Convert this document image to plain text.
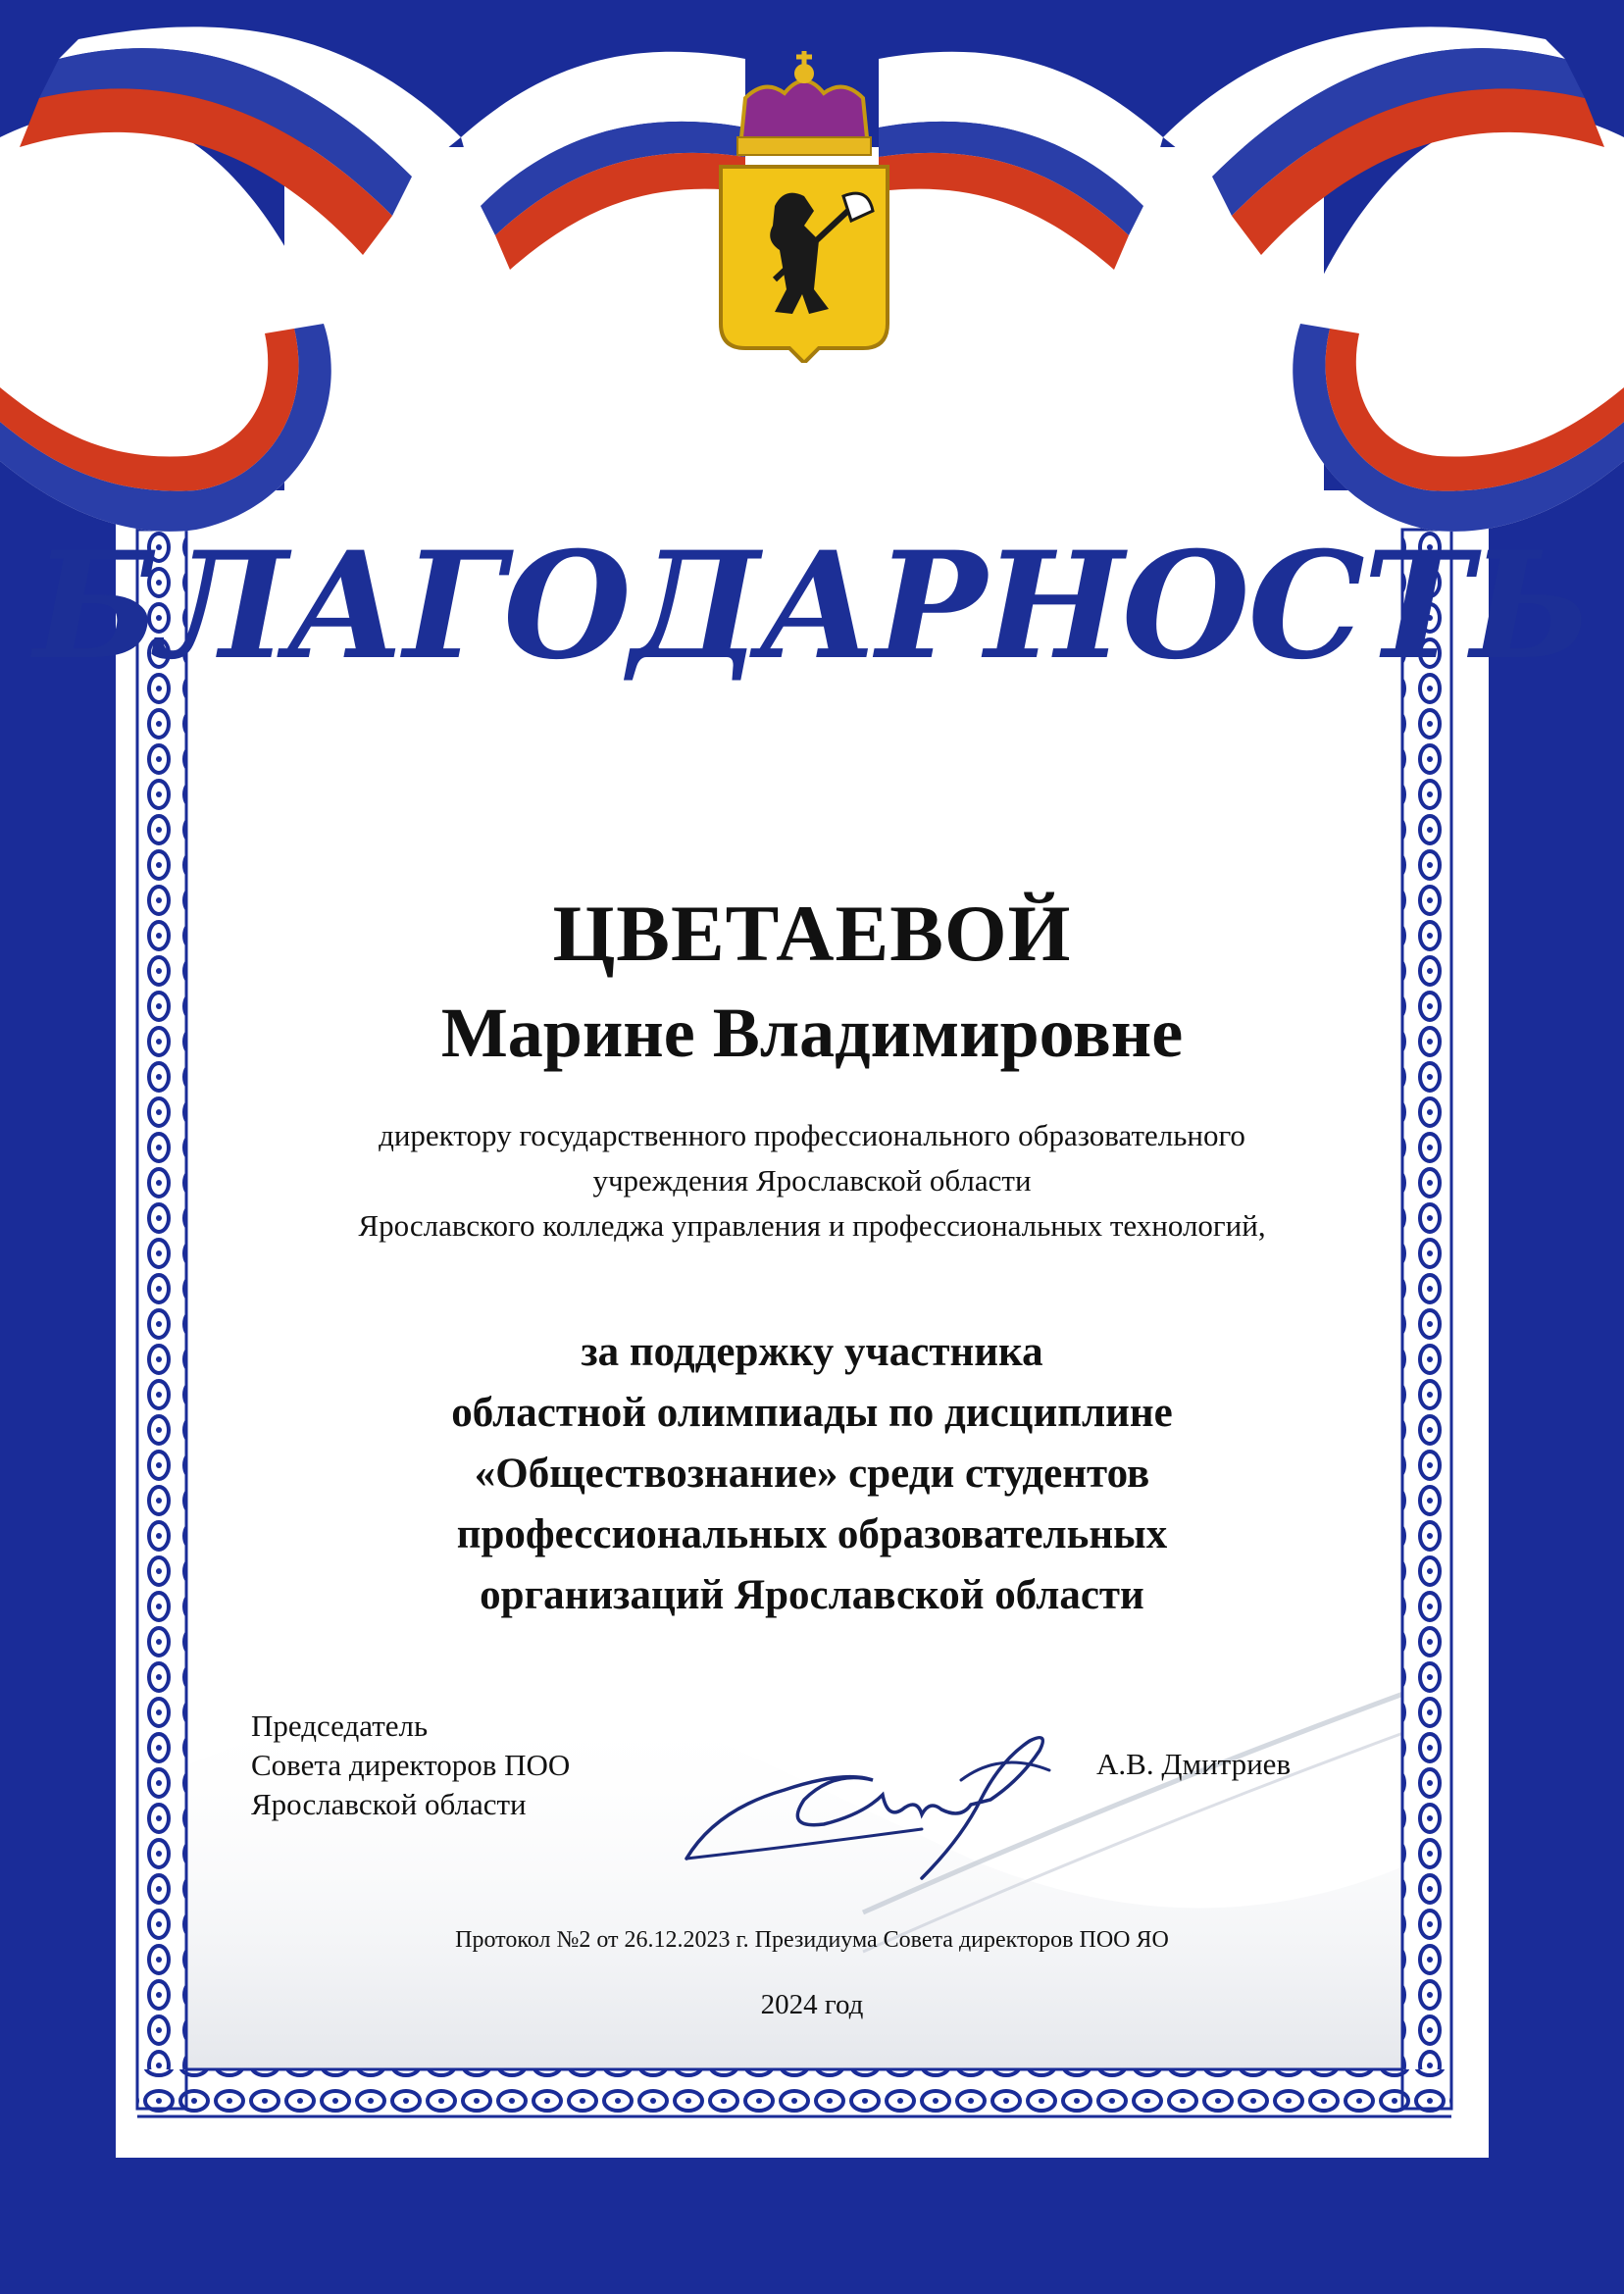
БЛАГОДАРНОСТЬ

ЦВЕТАЕВОЙ

Марине Владимировне

директору государственного профессионального образовательного
учреждения Ярославской области
Ярославского колледжа управления и профессиональных технологий,
за поддержку участника
областной олимпиады по дисциплине
«Обществознание» среди студентов
профессиональных образовательных
организаций Ярославской области
Председатель
Совета директоров ПОО
Ярославской области

А.В. Дмитриев

Протокол №2 от 26.12.2023 г. Президиума Совета директоров ПОО ЯО

2024 год
